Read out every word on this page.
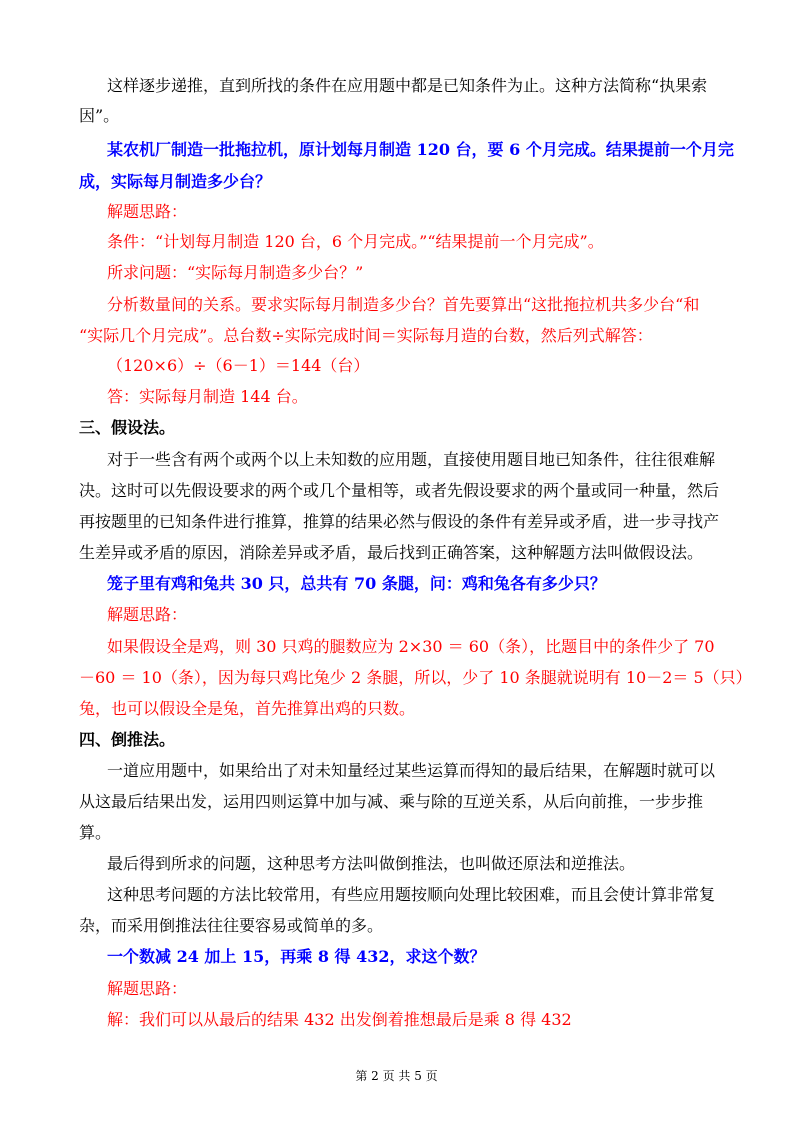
这样逐步递推，直到所找的条件在应用题中都是已知条件为止。这种方法简称“执果索

因”。

某农机厂制造一批拖拉机，原计划每月制造 120 台，要 6 个月完成。结果提前一个月完

成，实际每月制造多少台？

解题思路：

条件：“计划每月制造 120 台，6 个月完成。”“结果提前一个月完成”。

所求问题：“实际每月制造多少台？”

分析数量间的关系。要求实际每月制造多少台？首先要算出“这批拖拉机共多少台“和

“实际几个月完成”。总台数÷实际完成时间＝实际每月造的台数，然后列式解答：

（120×6）÷（6－1）＝144（台）

答：实际每月制造 144 台。

三、假设法。

对于一些含有两个或两个以上未知数的应用题，直接使用题目地已知条件，往往很难解

决。这时可以先假设要求的两个或几个量相等，或者先假设要求的两个量或同一种量，然后

再按题里的已知条件进行推算，推算的结果必然与假设的条件有差异或矛盾，进一步寻找产

生差异或矛盾的原因，消除差异或矛盾，最后找到正确答案，这种解题方法叫做假设法。

笼子里有鸡和兔共 30 只，总共有 70 条腿，问：鸡和兔各有多少只？

解题思路：

如果假设全是鸡，则 30 只鸡的腿数应为 2×30 ＝ 60（条），比题目中的条件少了 70

－60 ＝ 10（条），因为每只鸡比兔少 2 条腿，所以，少了 10 条腿就说明有 10－2＝ 5（只）

兔，也可以假设全是兔，首先推算出鸡的只数。

四、倒推法。

一道应用题中，如果给出了对未知量经过某些运算而得知的最后结果，在解题时就可以

从这最后结果出发，运用四则运算中加与减、乘与除的互逆关系，从后向前推，一步步推

算。

最后得到所求的问题，这种思考方法叫做倒推法，也叫做还原法和逆推法。

这种思考问题的方法比较常用，有些应用题按顺向处理比较困难，而且会使计算非常复

杂，而采用倒推法往往要容易或简单的多。

一个数减 24 加上 15，再乘 8 得 432，求这个数？

解题思路：

解：我们可以从最后的结果 432 出发倒着推想最后是乘 8 得 432

第 2 页 共 5 页
